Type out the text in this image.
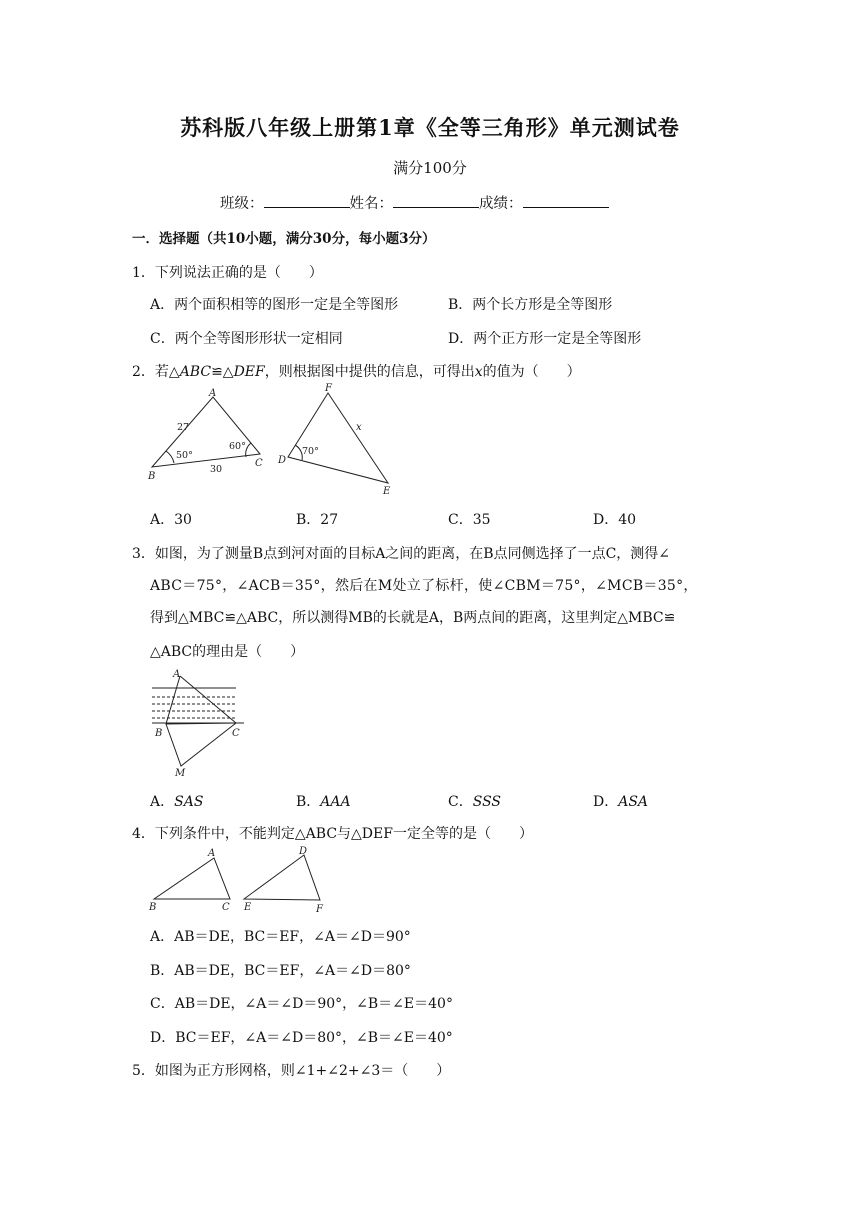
苏科版八年级上册第1章《全等三角形》单元测试卷
满分100分
班级：	姓名：	成绩：
一．选择题（共10小题，满分30分，每小题3分）
1．下列说法正确的是（　　）
A．两个面积相等的图形一定是全等图形	B．两个长方形是全等图形
C．两个全等图形形状一定相同	D．两个正方形一定是全等图形
2．若△ABC≌△DEF，则根据图中提供的信息，可得出x的值为（　　）
A
B
C D
E
F
x
27
30
50°
60°	70°
A．30	B．27	C．35	D．40
3．如图，为了测量B点到河对面的目标A之间的距离，在B点同侧选择了一点C，测得∠
ABC＝75°，∠ACB＝35°，然后在M处立了标杆，使∠CBM＝75°，∠MCB＝35°，
得到△MBC≌△ABC，所以测得MB的长就是A，B两点间的距离，这里判定△MBC≌
△ABC的理由是（　　）
A
B	C
M
A．SAS	B．AAA	C．SSS	D．ASA
4．下列条件中，不能判定△ABC与△DEF一定全等的是（　　）
A
B	C
D
E	F
A．AB＝DE，BC＝EF，∠A＝∠D＝90°
B．AB＝DE，BC＝EF，∠A＝∠D＝80°
C．AB＝DE，∠A＝∠D＝90°，∠B＝∠E＝40°
D．BC＝EF，∠A＝∠D＝80°，∠B＝∠E＝40°
5．如图为正方形网格，则∠1+∠2+∠3＝（　　）
